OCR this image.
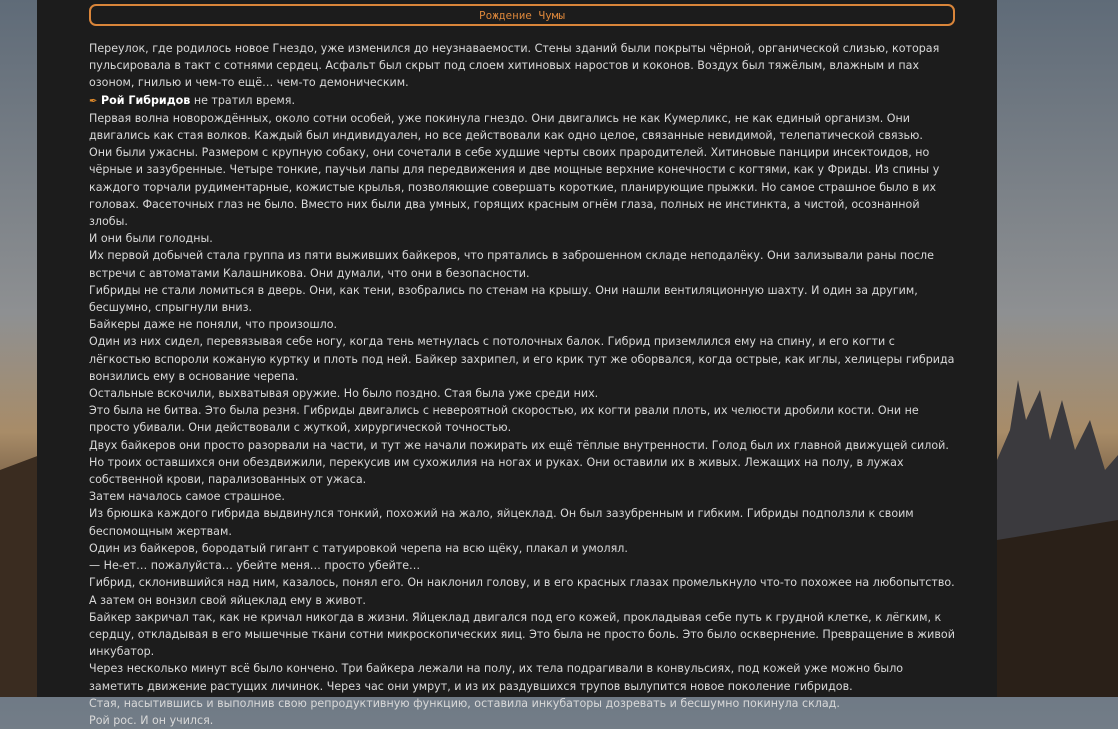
Рождение Чумы

Переулок, где родилось новое Гнездо, уже изменился до неузнаваемости. Стены зданий были покрыты чёрной, органической слизью, которая пульсировала в такт с сотнями сердец. Асфальт был скрыт под слоем хитиновых наростов и коконов. Воздух был тяжёлым, влажным и пах озоном, гнилью и чем-то ещё… чем-то демоническим.

✒ Рой Гибридов не тратил время.

Первая волна новорождённых, около сотни особей, уже покинула гнездо. Они двигались не как Кумерликс, не как единый организм. Они двигались как стая волков. Каждый был индивидуален, но все действовали как одно целое, связанные невидимой, телепатической связью.

Они были ужасны. Размером с крупную собаку, они сочетали в себе худшие черты своих прародителей. Хитиновые панцири инсектоидов, но чёрные и зазубренные. Четыре тонкие, паучьи лапы для передвижения и две мощные верхние конечности с когтями, как у Фриды. Из спины у каждого торчали рудиментарные, кожистые крылья, позволяющие совершать короткие, планирующие прыжки. Но самое страшное было в их головах. Фасеточных глаз не было. Вместо них были два умных, горящих красным огнём глаза, полных не инстинкта, а чистой, осознанной злобы.

И они были голодны.

Их первой добычей стала группа из пяти выживших байкеров, что прятались в заброшенном складе неподалёку. Они зализывали раны после встречи с автоматами Калашникова. Они думали, что они в безопасности.

Гибриды не стали ломиться в дверь. Они, как тени, взобрались по стенам на крышу. Они нашли вентиляционную шахту. И один за другим, бесшумно, спрыгнули вниз.

Байкеры даже не поняли, что произошло.

Один из них сидел, перевязывая себе ногу, когда тень метнулась с потолочных балок. Гибрид приземлился ему на спину, и его когти с лёгкостью вспороли кожаную куртку и плоть под ней. Байкер захрипел, и его крик тут же оборвался, когда острые, как иглы, хелицеры гибрида вонзились ему в основание черепа.

Остальные вскочили, выхватывая оружие. Но было поздно. Стая была уже среди них.

Это была не битва. Это была резня. Гибриды двигались с невероятной скоростью, их когти рвали плоть, их челюсти дробили кости. Они не просто убивали. Они действовали с жуткой, хирургической точностью.

Двух байкеров они просто разорвали на части, и тут же начали пожирать их ещё тёплые внутренности. Голод был их главной движущей силой.

Но троих оставшихся они обездвижили, перекусив им сухожилия на ногах и руках. Они оставили их в живых. Лежащих на полу, в лужах собственной крови, парализованных от ужаса.

Затем началось самое страшное.

Из брюшка каждого гибрида выдвинулся тонкий, похожий на жало, яйцеклад. Он был зазубренным и гибким. Гибриды подползли к своим беспомощным жертвам.

Один из байкеров, бородатый гигант с татуировкой черепа на всю щёку, плакал и умолял.

— Не-ет… пожалуйста… убейте меня… просто убейте…

Гибрид, склонившийся над ним, казалось, понял его. Он наклонил голову, и в его красных глазах промелькнуло что-то похожее на любопытство. А затем он вонзил свой яйцеклад ему в живот.

Байкер закричал так, как не кричал никогда в жизни. Яйцеклад двигался под его кожей, прокладывая себе путь к грудной клетке, к лёгким, к сердцу, откладывая в его мышечные ткани сотни микроскопических яиц. Это была не просто боль. Это было осквернение. Превращение в живой инкубатор.

Через несколько минут всё было кончено. Три байкера лежали на полу, их тела подрагивали в конвульсиях, под кожей уже можно было заметить движение растущих личинок. Через час они умрут, и из их раздувшихся трупов вылупится новое поколение гибридов.

Стая, насытившись и выполнив свою репродуктивную функцию, оставила инкубаторы дозревать и бесшумно покинула склад.

Рой рос. И он учился.
